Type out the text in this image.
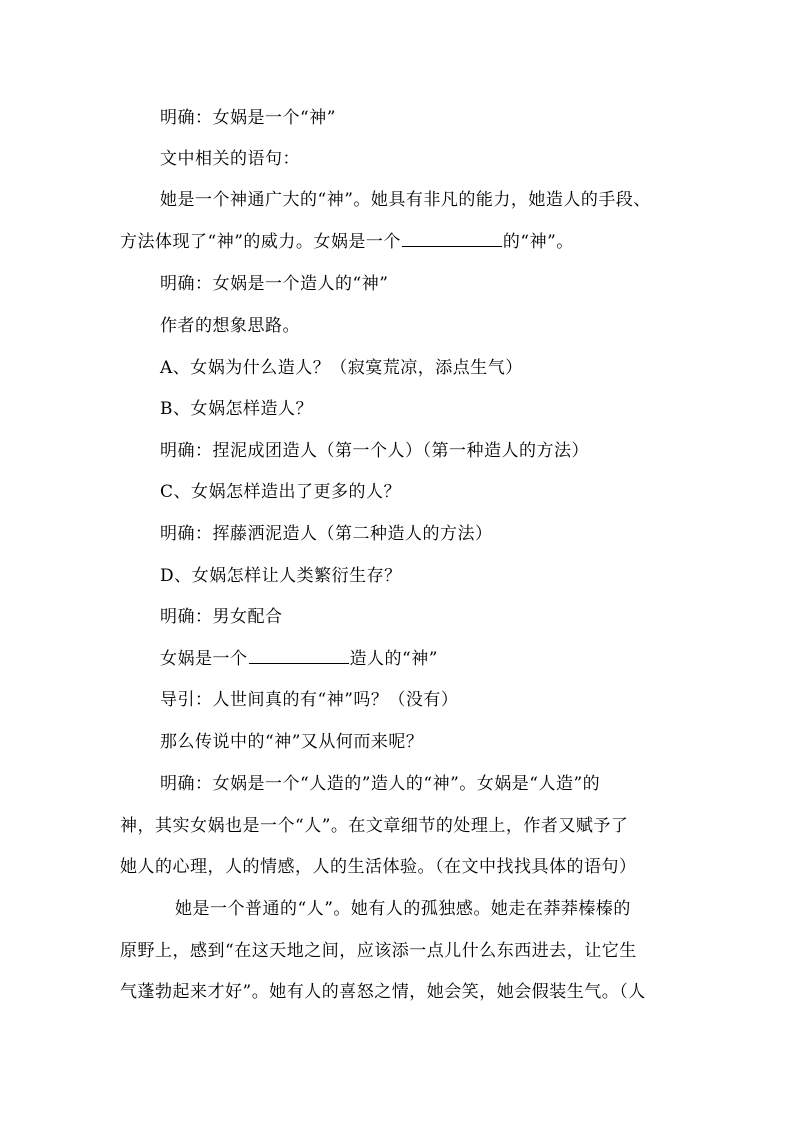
明确：女娲是一个“神”
文中相关的语句：
她是一个神通广大的“神”。她具有非凡的能力，她造人的手段、
方法体现了“神”的威力。女娲是一个	的“神”。
明确：女娲是一个造人的“神”
作者的想象思路。
A、女娲为什么造人？（寂寞荒凉，添点生气）
B、女娲怎样造人？
明确：捏泥成团造人（第一个人）（第一种造人的方法）
C、女娲怎样造出了更多的人？
明确：挥藤洒泥造人（第二种造人的方法）
D、女娲怎样让人类繁衍生存？
明确：男女配合
女娲是一个	造人的“神”
导引：人世间真的有“神”吗？（没有）
那么传说中的“神”又从何而来呢？
明确：女娲是一个“人造的”造人的“神”。女娲是“人造”的
神，其实女娲也是一个“人”。在文章细节的处理上，作者又赋予了
她人的心理，人的情感，人的生活体验。（在文中找找具体的语句）
她是一个普通的“人”。她有人的孤独感。她走在莽莽榛榛的
原野上，感到“在这天地之间，应该添一点儿什么东西进去，让它生
气蓬勃起来才好”。她有人的喜怒之情，她会笑，她会假装生气。（人
